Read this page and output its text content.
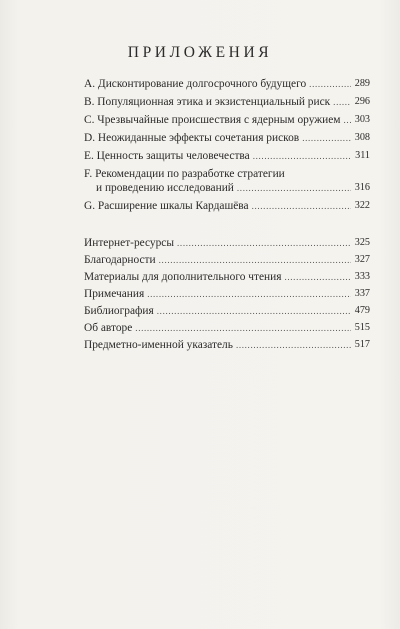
ПРИЛОЖЕНИЯ
A. Дисконтирование долгосрочного будущего . . .	289
B. Популяционная этика и экзистенциальный риск . . .	296
C. Чрезвычайные происшествия с ядерным оружием . . .	303
D. Неожиданные эффекты сочетания рисков . . .	308
E. Ценность защиты человечества . . .	311
F. Рекомендации по разработке стратегии
и проведению исследований . . .	316
G. Расширение шкалы Кардашёва . . .	322
Интернет-ресурсы . . .	325
Благодарности . . .	327
Материалы для дополнительного чтения . . .	333
Примечания . . .	337
Библиография . . .	479
Об авторе . . .	515
Предметно-именной указатель . . .	517
